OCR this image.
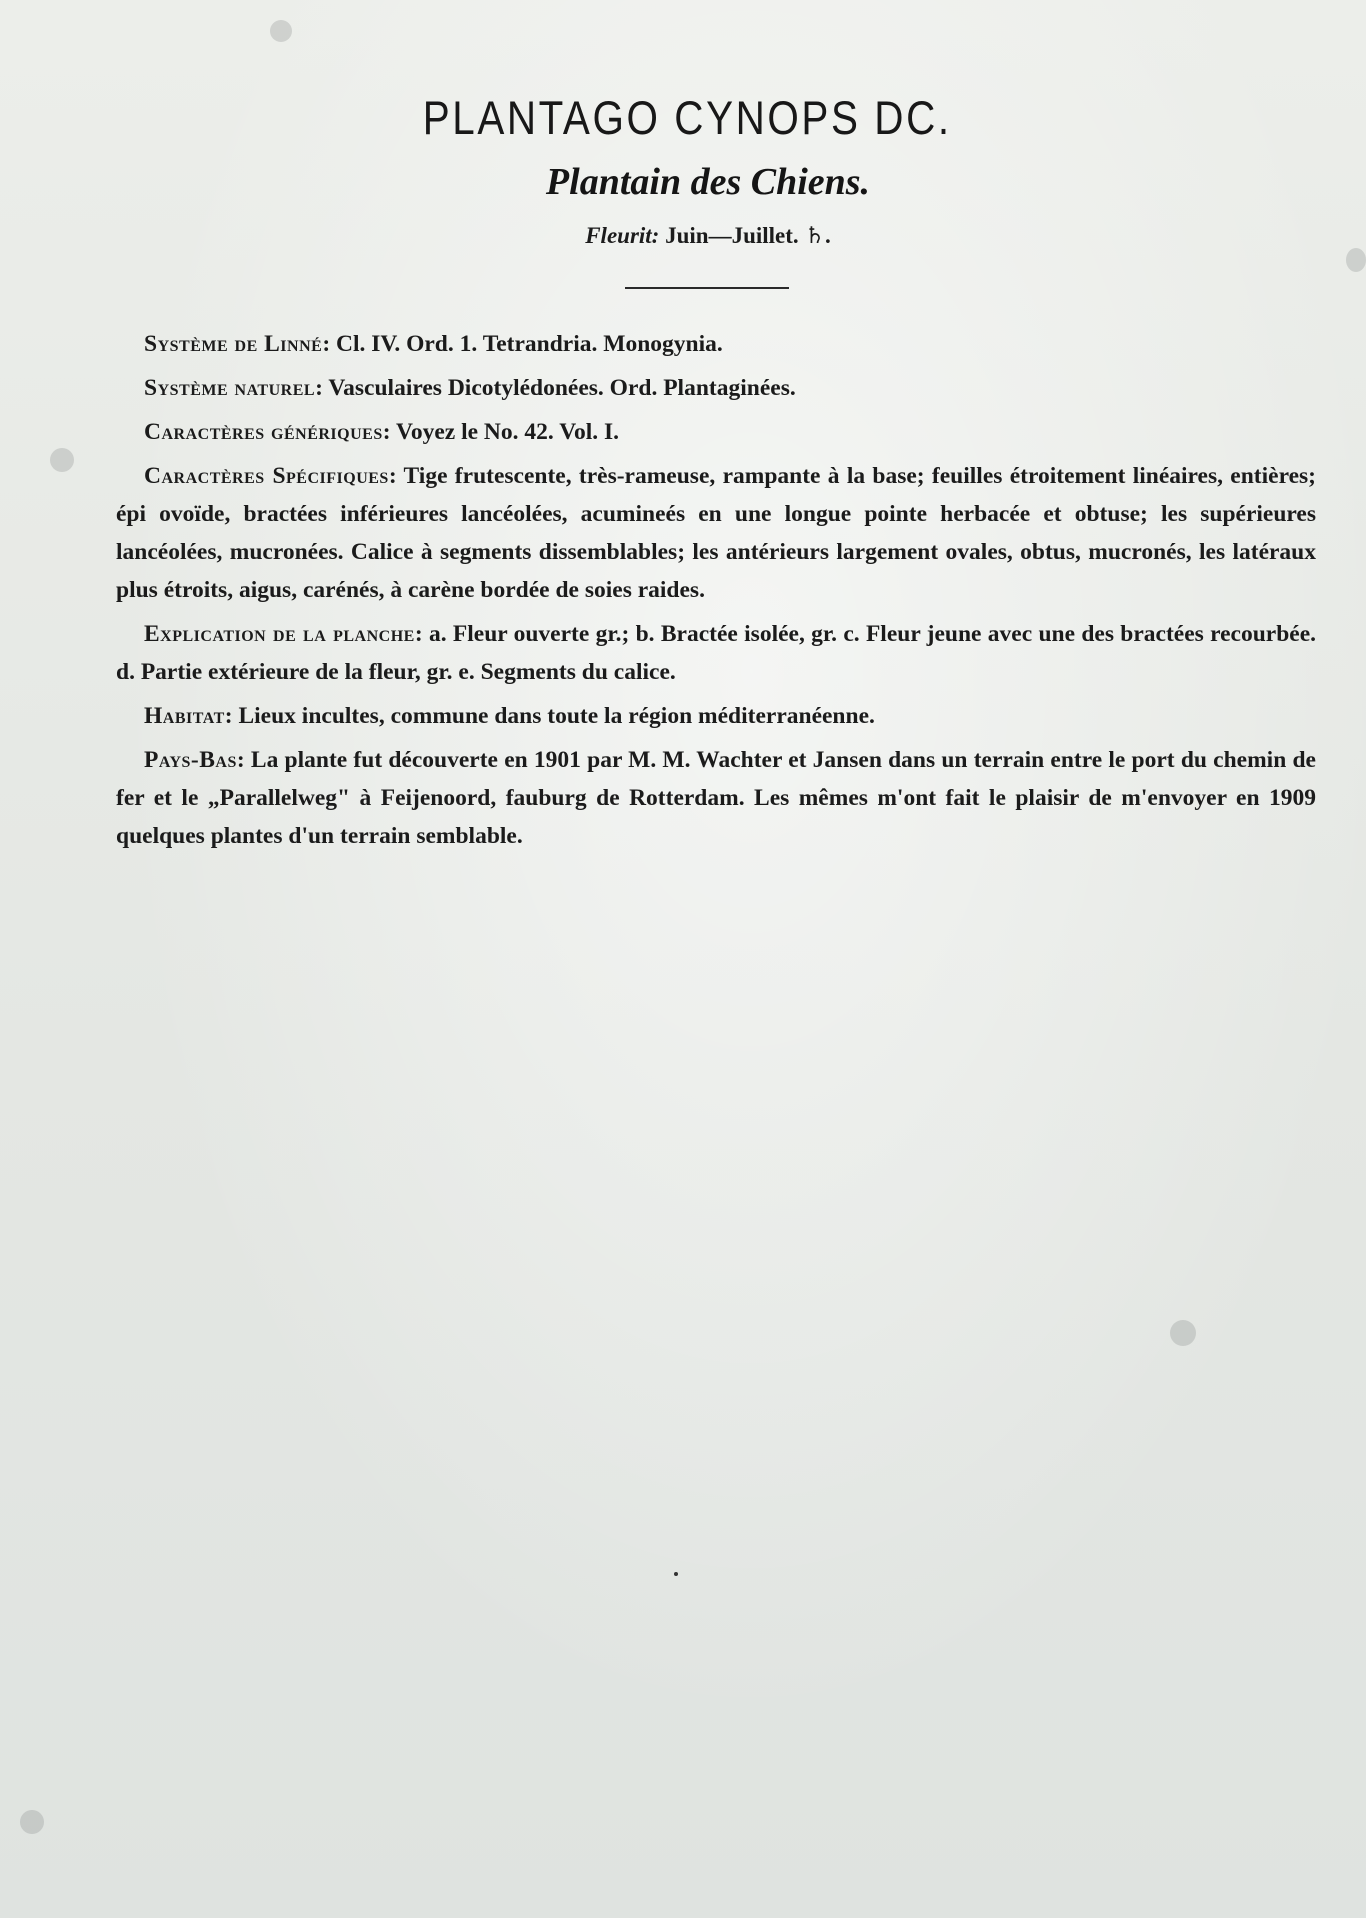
PLANTAGO CYNOPS DC.
Plantain des Chiens.
Fleurit: Juin—Juillet. ♄.

Système de Linné: Cl. IV. Ord. 1. Tetrandria. Monogynia.

Système naturel: Vasculaires Dicotylédonées. Ord. Plantaginées.

Caractères génériques: Voyez le No. 42. Vol. I.

Caractères Spécifiques: Tige frutescente, très-rameuse, rampante à la base; feuilles étroitement linéaires, entières; épi ovoïde, bractées inférieures lancéolées, acumineés en une longue pointe herbacée et obtuse; les supérieures lancéolées, mucronées. Calice à segments dissemblables; les antérieurs largement ovales, obtus, mucronés, les latéraux plus étroits, aigus, carénés, à carène bordée de soies raides.

Explication de la planche: a. Fleur ouverte gr.; b. Bractée isolée, gr. c. Fleur jeune avec une des bractées recourbée. d. Partie extérieure de la fleur, gr. e. Segments du calice.

Habitat: Lieux incultes, commune dans toute la région méditerranéenne.

Pays-Bas: La plante fut découverte en 1901 par M. M. Wachter et Jansen dans un terrain entre le port du chemin de fer et le „Parallelweg" à Feijenoord, fauburg de Rotterdam. Les mêmes m'ont fait le plaisir de m'envoyer en 1909 quelques plantes d'un terrain semblable.
